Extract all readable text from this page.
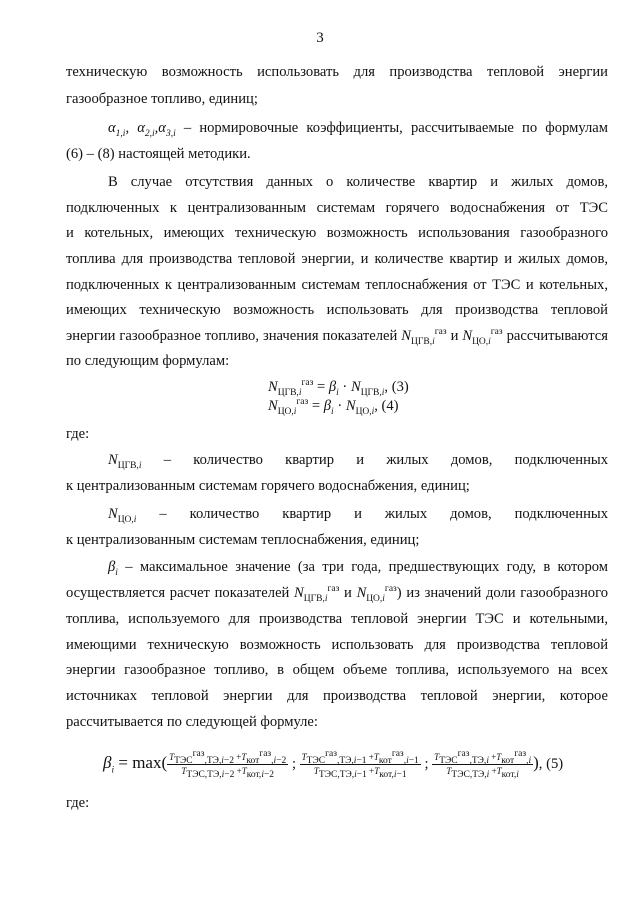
3
техническую возможность использовать для производства тепловой энергии
газообразное топливо, единиц;
$\alpha_{1,i}$, $\alpha_{2,i},\alpha_{3,i}$ – нормировочные коэффициенты, рассчитываемые по формулам
(6) – (8) настоящей методики.
В случае отсутствия данных о количестве квартир и жилых домов,
подключенных к централизованным системам горячего водоснабжения от ТЭС
и котельных, имеющих техническую возможность использования газообразного
топлива для производства тепловой энергии, и количестве квартир и жилых домов,
подключенных к централизованным системам теплоснабжения от ТЭС и котельных,
имеющих техническую возможность использовать для производства тепловой
энергии газообразное топливо, значения показателей $N_{ЦГВ,i}^{газ}$ и $N_{ЦО,i}^{газ}$ рассчитываются
по следующим формулам:
$N_{ЦГВ,i}^{газ} = \beta_i \cdot N_{ЦГВ,i}$, (3)
$N_{ЦО,i}^{газ} = \beta_i \cdot N_{ЦО,i}$, (4)
где:
$N_{ЦГВ,i}$ – количество квартир и жилых домов, подключенных
к централизованным системам горячего водоснабжения, единиц;
$N_{ЦО,i}$ – количество квартир и жилых домов, подключенных
к централизованным системам теплоснабжения, единиц;
$\beta_i$ – максимальное значение (за три года, предшествующих году, в котором
осуществляется расчет показателей $N_{ЦГВ,i}^{газ}$ и $N_{ЦО,i}^{газ}$) из значений доли газообразного
топлива, используемого для производства тепловой энергии ТЭС и котельными,
имеющими техническую возможность использовать для производства тепловой
энергии газообразное топливо, в общем объеме топлива, используемого на всех
источниках тепловой энергии для производства тепловой энергии, которое
рассчитывается по следующей формуле:
$\beta_i = \max( \frac{T_{ТЭС}^{газ}_{,ТЭ,i-2} +T_{кот}^{газ}_{,i-2}}{T_{ТЭС,ТЭ,i-2} +T_{кот,i-2}}$ ; $\frac{T_{ТЭС}^{газ}_{,ТЭ,i-1} +T_{кот}^{газ}_{,i-1}}{T_{ТЭС,ТЭ,i-1} +T_{кот,i-1}}$ ; $\frac{T_{ТЭС}^{газ}_{,ТЭ,i} +T_{кот}^{газ}_{,i}}{T_{ТЭС,ТЭ,i} +T_{кот,i}}$ ), (5)
где:
